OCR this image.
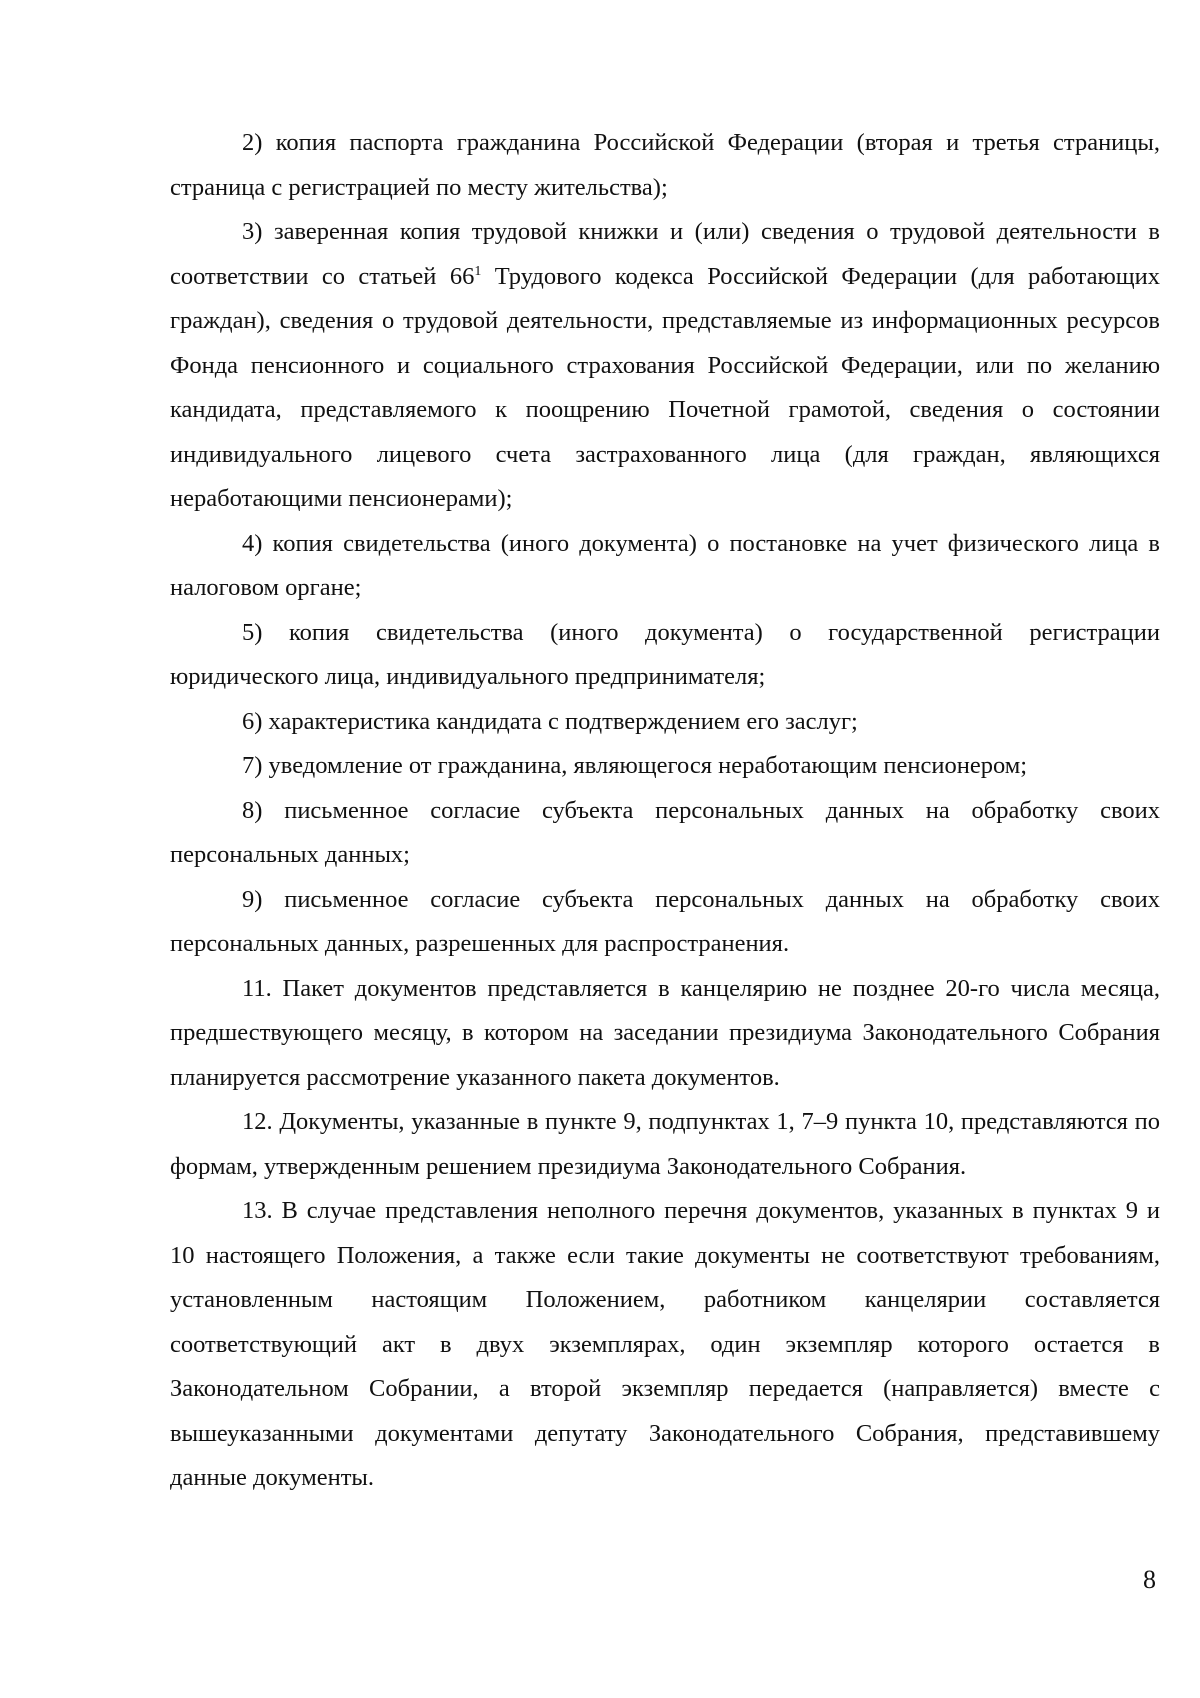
2) копия паспорта гражданина Российской Федерации (вторая и третья страницы, страница с регистрацией по месту жительства);

3) заверенная копия трудовой книжки и (или) сведения о трудовой деятельности в соответствии со статьей $66^1$ Трудового кодекса Российской Федерации (для работающих граждан), сведения о трудовой деятельности, представляемые из информационных ресурсов Фонда пенсионного и социального страхования Российской Федерации, или по желанию кандидата, представляемого к поощрению Почетной грамотой, сведения о состоянии индивидуального лицевого счета застрахованного лица (для граждан, являющихся неработающими пенсионерами);

4) копия свидетельства (иного документа) о постановке на учет физического лица в налоговом органе;

5) копия свидетельства (иного документа) о государственной регистрации юридического лица, индивидуального предпринимателя;

6) характеристика кандидата с подтверждением его заслуг;

7) уведомление от гражданина, являющегося неработающим пенсионером;

8) письменное согласие субъекта персональных данных на обработку своих персональных данных;

9) письменное согласие субъекта персональных данных на обработку своих персональных данных, разрешенных для распространения.

11. Пакет документов представляется в канцелярию не позднее 20-го числа месяца, предшествующего месяцу, в котором на заседании президиума Законодательного Собрания планируется рассмотрение указанного пакета документов.

12. Документы, указанные в пункте 9, подпунктах 1, 7–9 пункта 10, представляются по формам, утвержденным решением президиума Законодательного Собрания.

13. В случае представления неполного перечня документов, указанных в пунктах 9 и 10 настоящего Положения, а также если такие документы не соответствуют требованиям, установленным настоящим Положением, работником канцелярии составляется соответствующий акт в двух экземплярах, один экземпляр которого остается в Законодательном Собрании, а второй экземпляр передается (направляется) вместе с вышеуказанными документами депутату Законодательного Собрания, представившему данные документы.

8
